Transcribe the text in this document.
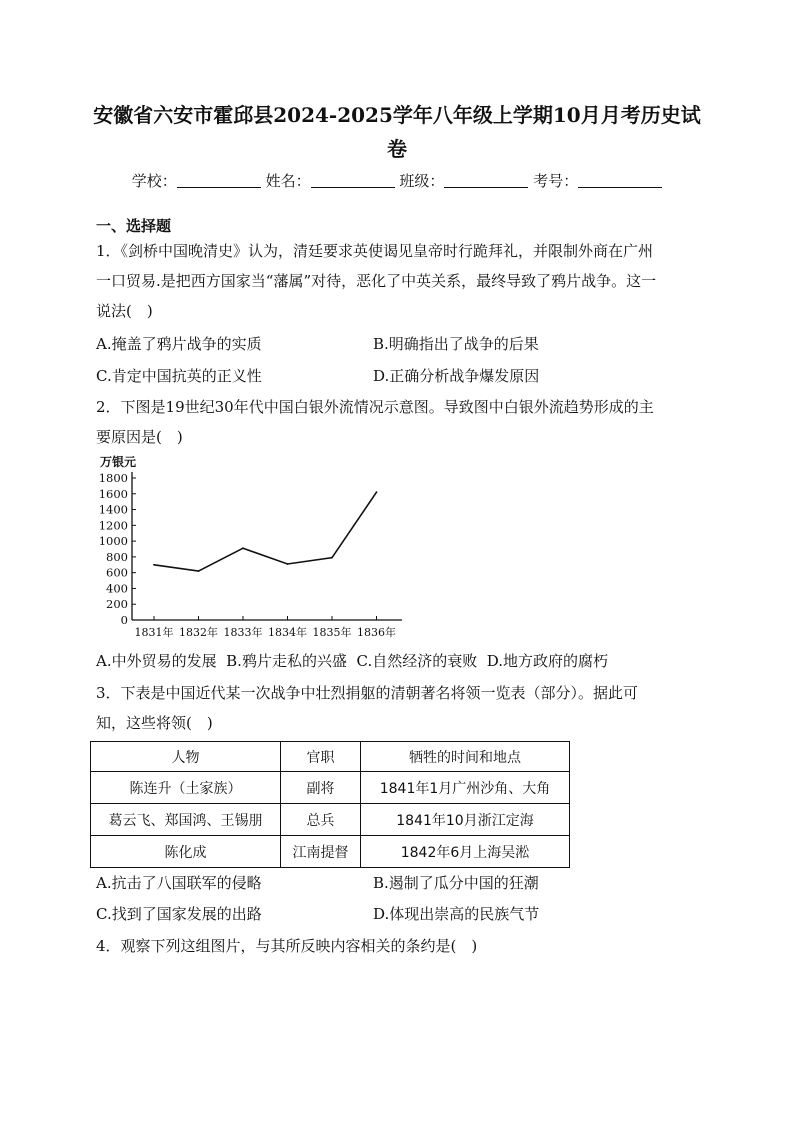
安徽省六安市霍邱县2024-2025学年八年级上学期10月月考历史试
卷
学校：	姓名：	班级：	考号：
一、选择题
1．《剑桥中国晚清史》认为，清廷要求英使谒见皇帝时行跪拜礼，并限制外商在广州
一口贸易.是把西方国家当“藩属”对待，恶化了中英关系，最终导致了鸦片战争。这一
说法(　)
A.掩盖了鸦片战争的实质	B.明确指出了战争的后果
C.肯定中国抗英的正义性	D.正确分析战争爆发原因
2．下图是19世纪30年代中国白银外流情况示意图。导致图中白银外流趋势形成的主
要原因是(　)
万银元
0
200
400
600
800
1000
1200
1400
1600
1800
1831年 1832年 1833年 1834年 1835年 1836年
A.中外贸易的发展 B.鸦片走私的兴盛 C.自然经济的衰败 D.地方政府的腐朽
3．下表是中国近代某一次战争中壮烈捐躯的清朝著名将领一览表（部分）。据此可
知，这些将领(　)
人物	官职	牺牲的时间和地点
陈连升（土家族）	副将	1841年1月广州沙角、大角
葛云飞、郑国鸿、王锡朋	总兵	1841年10月浙江定海
陈化成	江南提督	1842年6月上海吴淞
A.抗击了八国联军的侵略	B.遏制了瓜分中国的狂潮
C.找到了国家发展的出路	D.体现出崇高的民族气节
4．观察下列这组图片，与其所反映内容相关的条约是(　)
